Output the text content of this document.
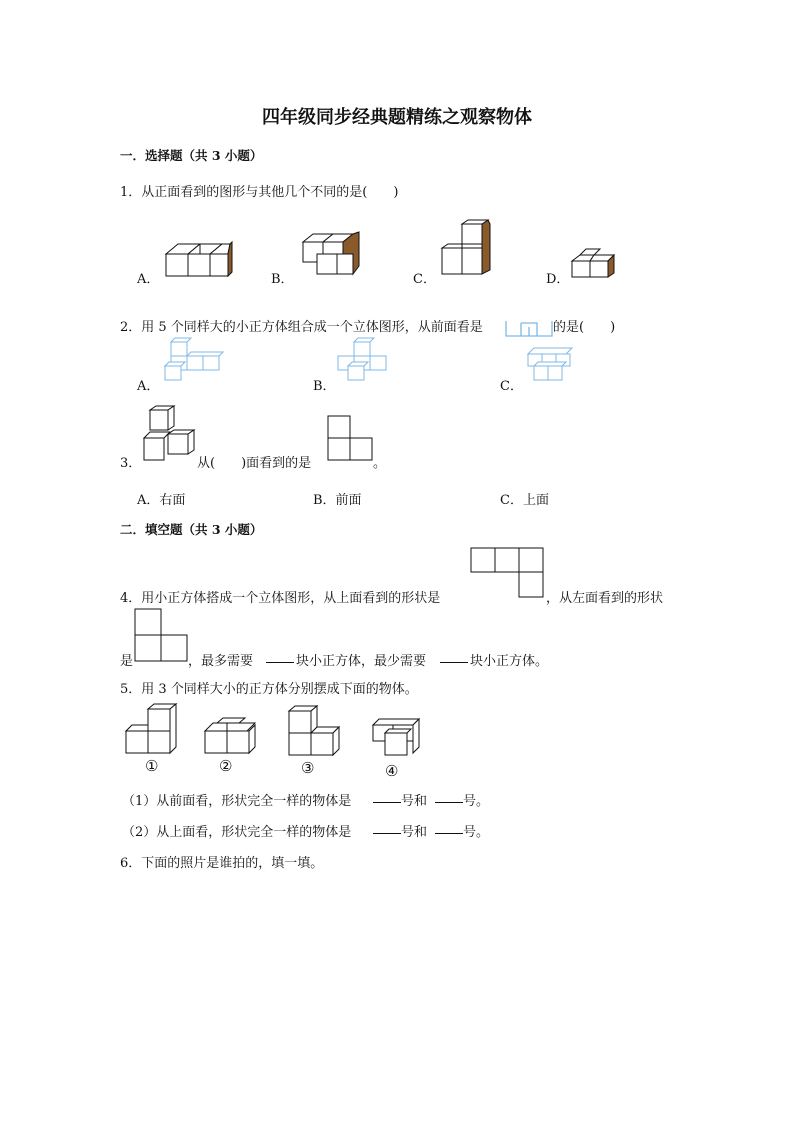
四年级同步经典题精练之观察物体
一．选择题（共 3 小题）
1．从正面看到的图形与其他几个不同的是(　　)
A．	B．	C．	D．
2．用 5 个同样大的小正方体组合成一个立体图形，从前面看是	的是(　　)
A．	B．	C．
3．	从(　　)面看到的是	。
A．右面	B．前面	C．上面
二．填空题（共 3 小题）
4．用小正方体搭成一个立体图形，从上面看到的形状是	，从左面看到的形状
是	，最多需要	块小正方体，最少需要	块小正方体。
5．用 3 个同样大小的正方体分别摆成下面的物体。
①	②	③	④
（1）从前面看，形状完全一样的物体是	号和	号。
（2）从上面看，形状完全一样的物体是	号和	号。
6．下面的照片是谁拍的，填一填。
